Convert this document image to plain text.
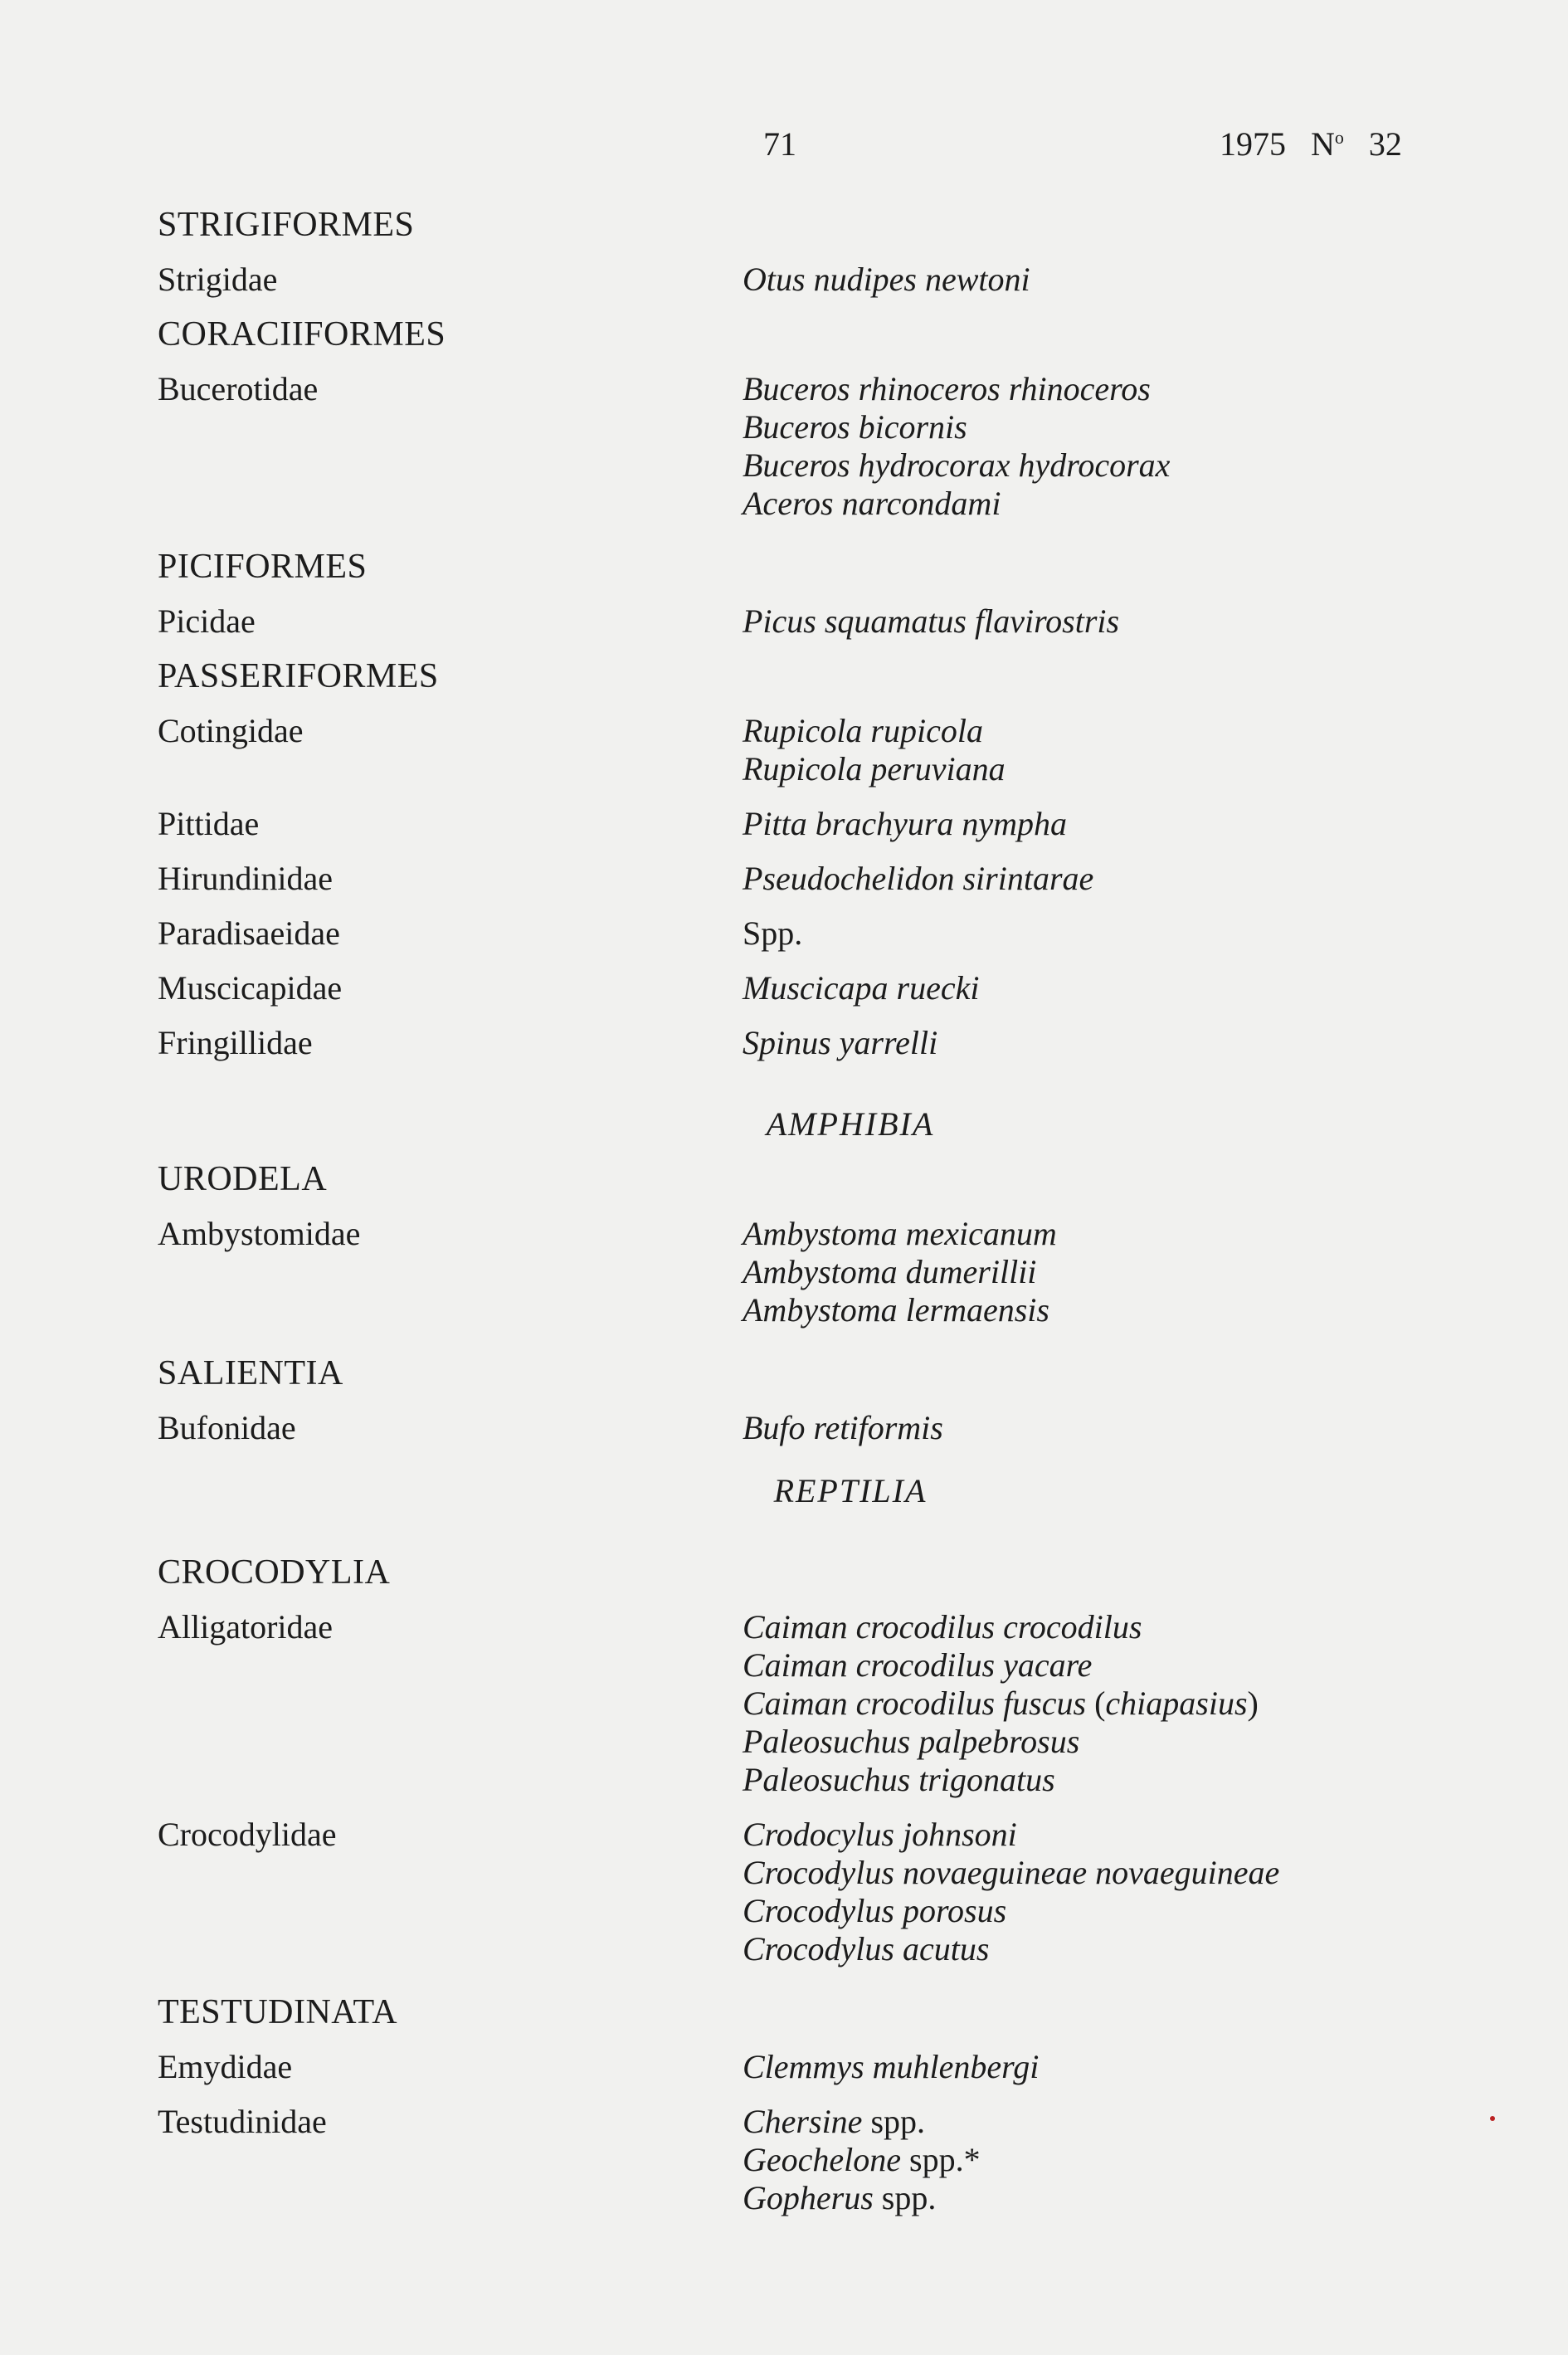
71	1975 $N^o$ 32
STRIGIFORMES
Strigidae	Otus nudipes newtoni
CORACIIFORMES
Bucerotidae	Buceros rhinoceros rhinoceros
Buceros bicornis
Buceros hydrocorax hydrocorax
Aceros narcondami
PICIFORMES
Picidae	Picus squamatus flavirostris
PASSERIFORMES
Cotingidae	Rupicola rupicola
Rupicola peruviana
Pittidae	Pitta brachyura nympha
Hirundinidae	Pseudochelidon sirintarae
Paradisaeidae	Spp.
Muscicapidae	Muscicapa ruecki
Fringillidae	Spinus yarrelli
AMPHIBIA
URODELA
Ambystomidae	Ambystoma mexicanum
Ambystoma dumerillii
Ambystoma lermaensis
SALIENTIA
Bufonidae	Bufo retiformis
REPTILIA
CROCODYLIA
Alligatoridae	Caiman crocodilus crocodilus
Caiman crocodilus yacare
Caiman crocodilus fuscus (chiapasius)
Paleosuchus palpebrosus
Paleosuchus trigonatus
Crocodylidae	Crodocylus johnsoni
Crocodylus novaeguineae novaeguineae
Crocodylus porosus
Crocodylus acutus
TESTUDINATA
Emydidae	Clemmys muhlenbergi
Testudinidae	Chersine spp.
Geochelone spp.*
Gopherus spp.
